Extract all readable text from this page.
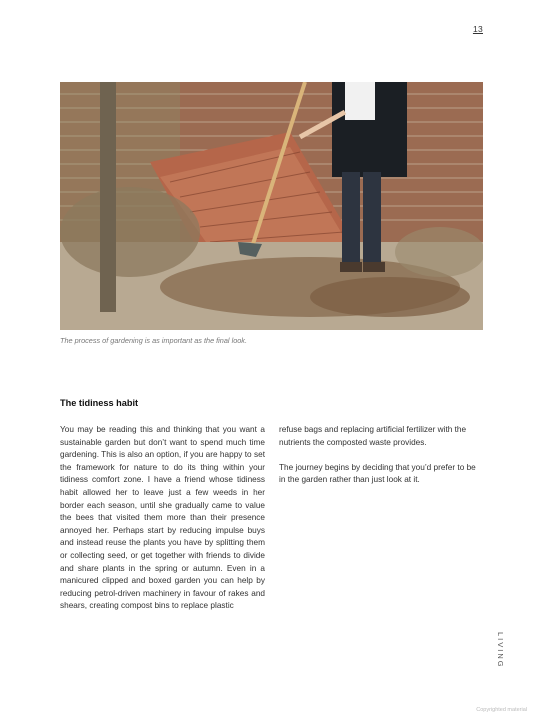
13
The process of gardening is as important as the final look.
The tidiness habit

You may be reading this and thinking that you want a sustainable garden but don’t want to spend much time gardening. This is also an option, if you are happy to set the framework for nature to do its thing within your tidiness comfort zone. I have a friend whose tidiness habit allowed her to leave just a few weeds in her border each season, until she gradually came to value the bees that visited them more than their presence annoyed her. Perhaps start by reducing impulse buys and instead reuse the plants you have by splitting them or collecting seed, or get together with friends to divide and share plants in the spring or autumn. Even in a manicured clipped and boxed garden you can help by reducing petrol-driven machinery in favour of rakes and shears, creating compost bins to replace plastic

refuse bags and replacing artificial fertilizer with the nutrients the composted waste provides.

The journey begins by deciding that you’d prefer to be in the garden rather than just look at it.

LIVING
Copyrighted material
